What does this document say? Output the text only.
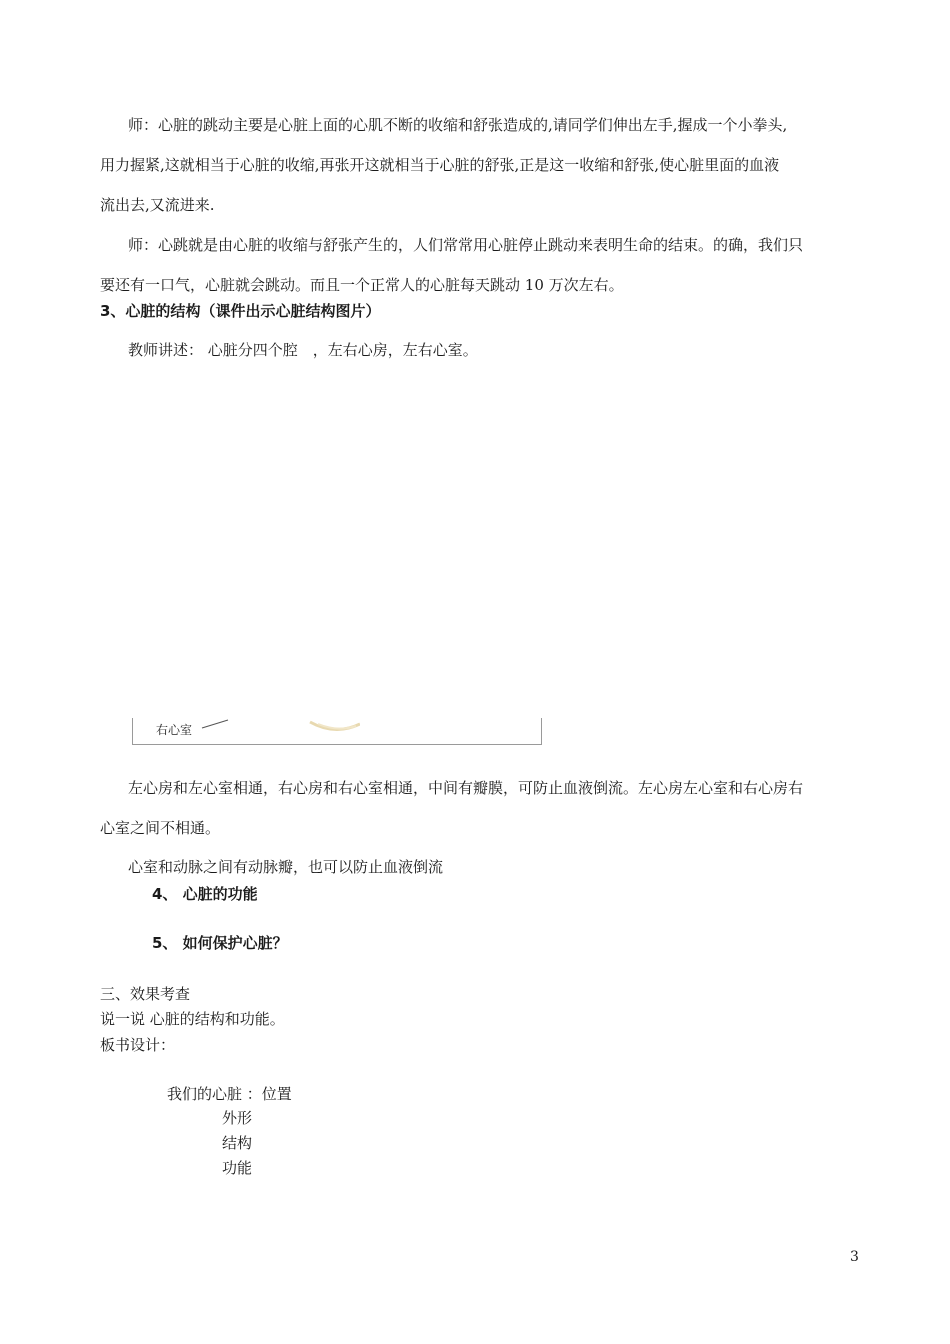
师：心脏的跳动主要是心脏上面的心肌不断的收缩和舒张造成的,请同学们伸出左手,握成一个小拳头,
用力握紧,这就相当于心脏的收缩,再张开这就相当于心脏的舒张,正是这一收缩和舒张,使心脏里面的血液
流出去,又流进来.
师：心跳就是由心脏的收缩与舒张产生的，人们常常用心脏停止跳动来表明生命的结束。的确，我们只
要还有一口气，心脏就会跳动。而且一个正常人的心脏每天跳动 10 万次左右。
3、心脏的结构（课件出示心脏结构图片）
教师讲述： 心脏分四个腔　，左右心房，左右心室。
右心室
左心房和左心室相通，右心房和右心室相通，中间有瓣膜，可防止血液倒流。左心房左心室和右心房右
心室之间不相通。
心室和动脉之间有动脉瓣，也可以防止血液倒流
4、 心脏的功能
5、 如何保护心脏？
三、效果考查
说一说 心脏的结构和功能。
板书设计：
我们的心脏 ：位置
外形
结构
功能
3
